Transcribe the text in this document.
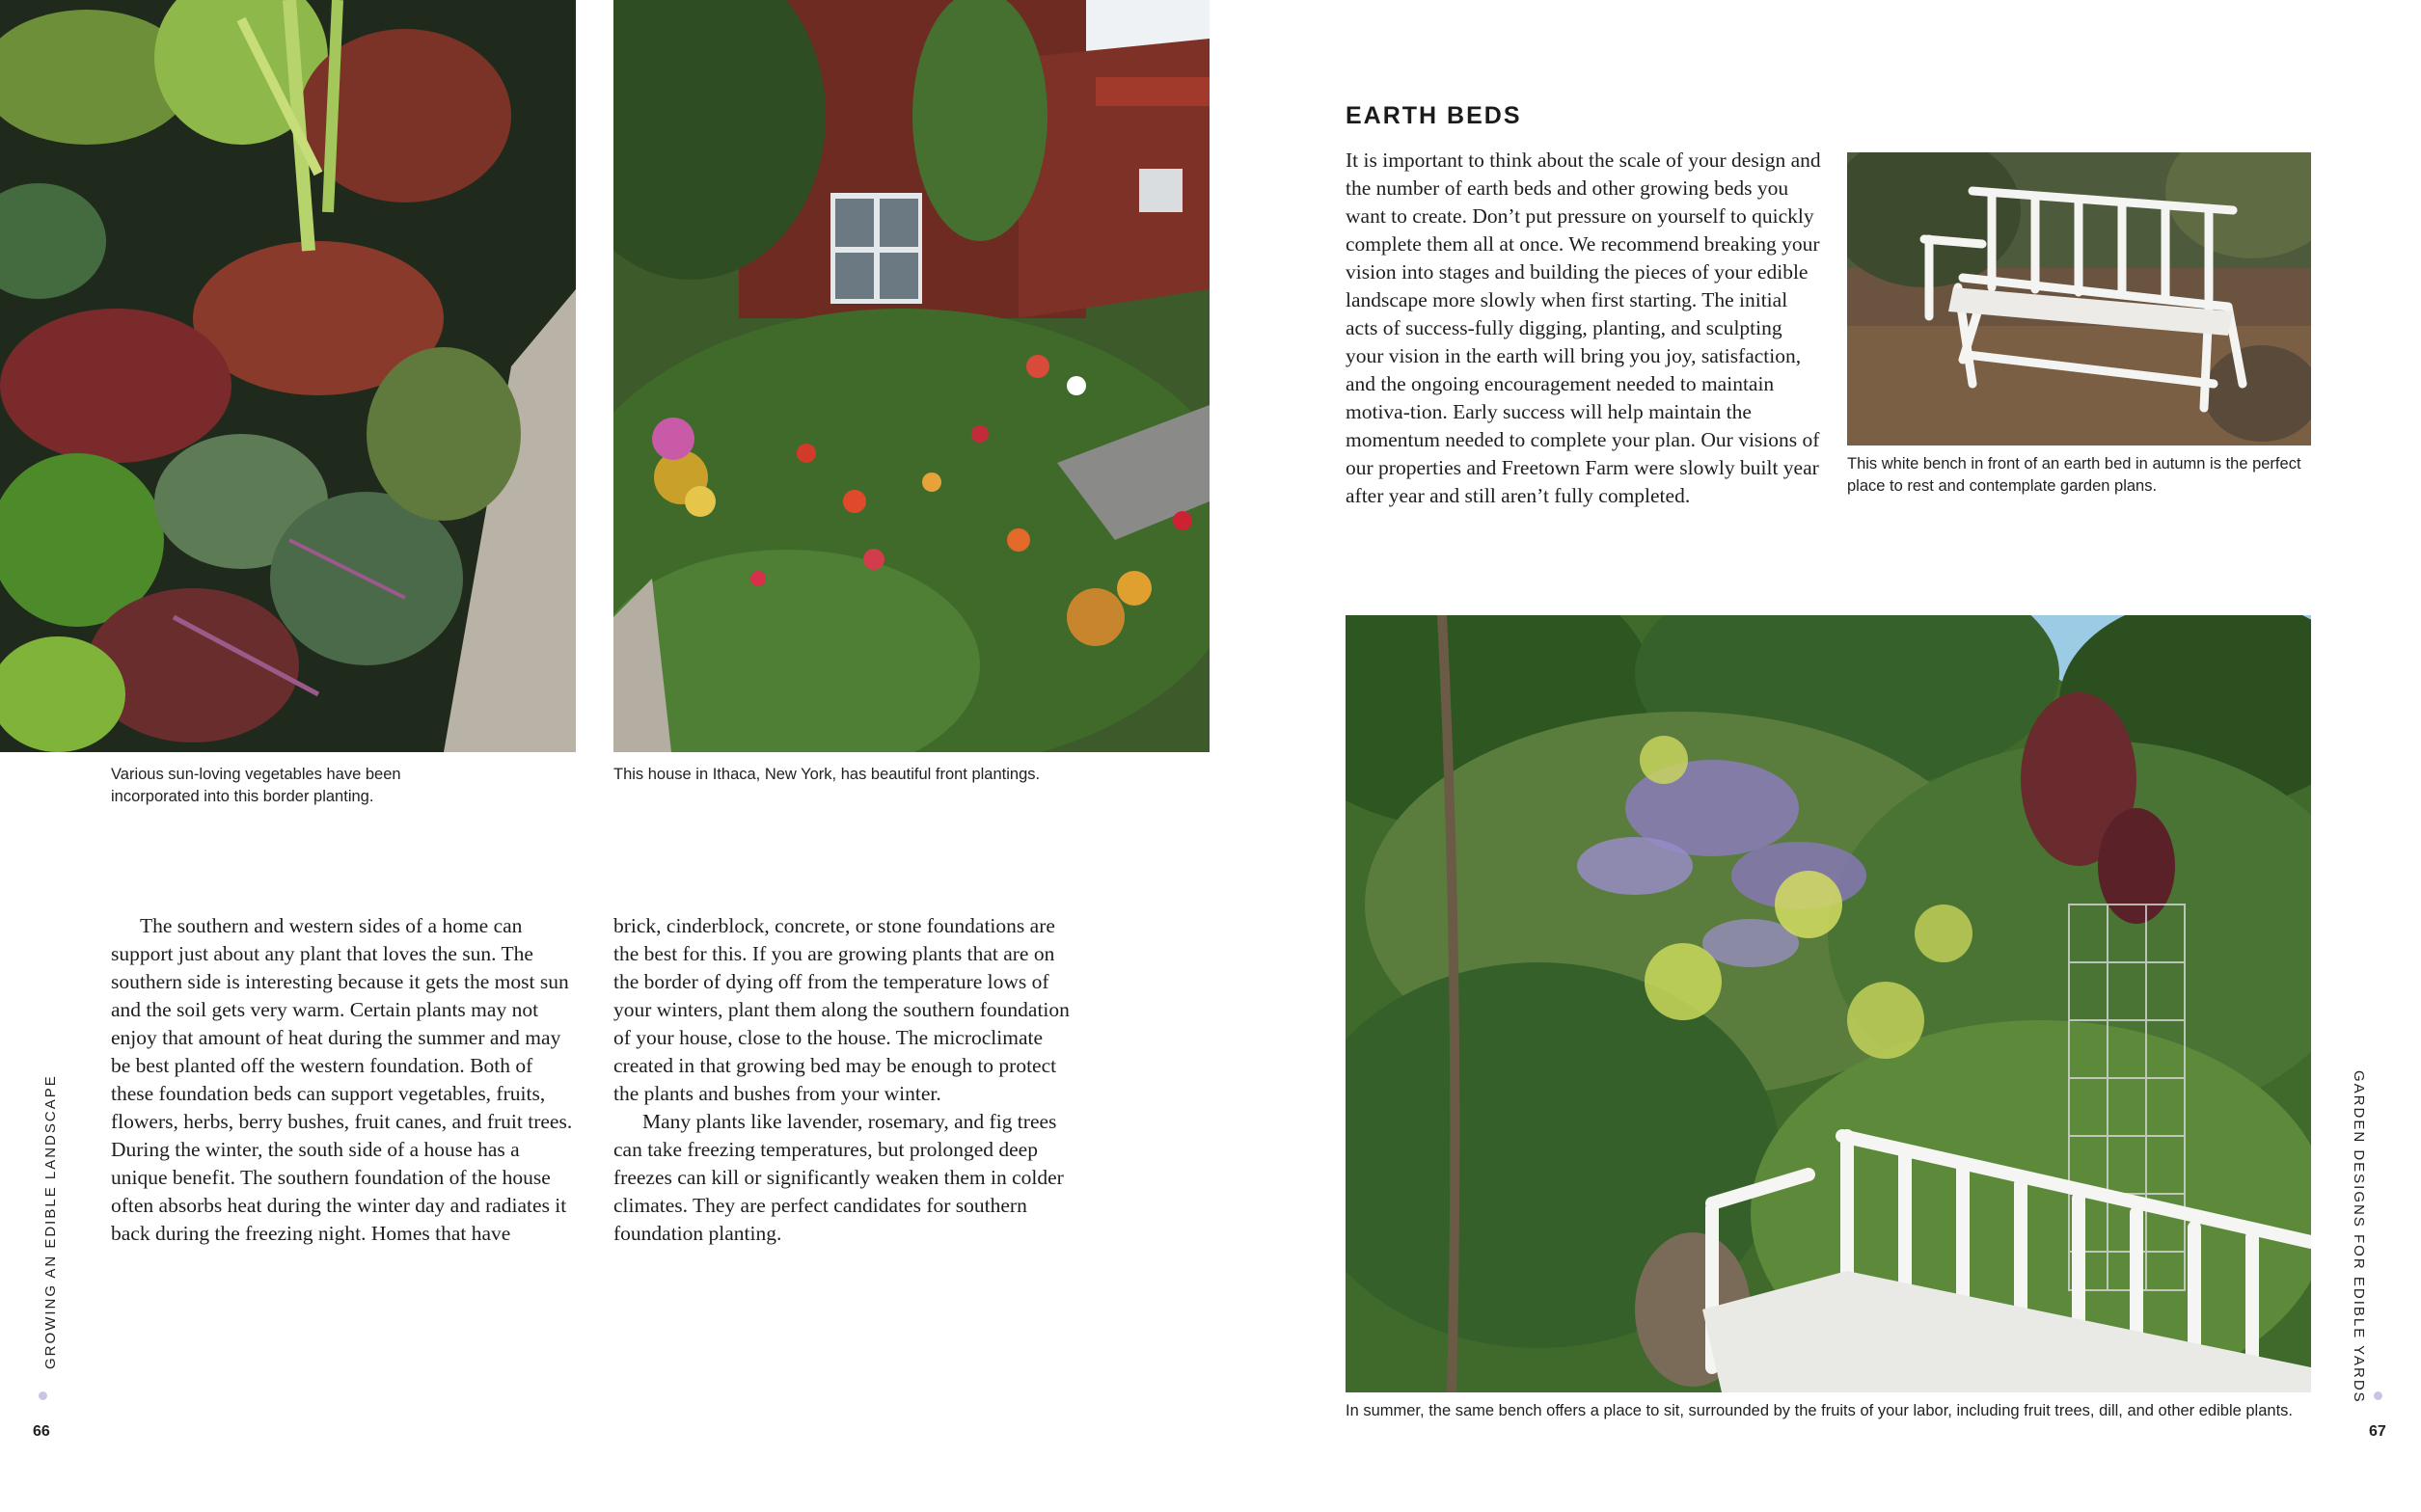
Various sun-loving vegetables have been incorporated into this border planting.
This house in Ithaca, New York, has beautiful front plantings.

The southern and western sides of a home can support just about any plant that loves the sun. The southern side is interesting because it gets the most sun and the soil gets very warm. Certain plants may not enjoy that amount of heat during the summer and may be best planted off the western foundation. Both of these foundation beds can support vegetables, fruits, flowers, herbs, berry bushes, fruit canes, and fruit trees. During the winter, the south side of a house has a unique benefit. The southern foundation of the house often absorbs heat during the winter day and radiates it back during the freezing night. Homes that have

brick, cinderblock, concrete, or stone foundations are the best for this. If you are growing plants that are on the border of dying off from the temperature lows of your winters, plant them along the southern foundation of your house, close to the house. The microclimate created in that growing bed may be enough to protect the plants and bushes from your winter.

Many plants like lavender, rosemary, and fig trees can take freezing temperatures, but prolonged deep freezes can kill or significantly weaken them in colder climates. They are perfect candidates for southern foundation planting.

GROWING AN EDIBLE LANDSCAPE
66
EARTH BEDS

It is important to think about the scale of your design and the number of earth beds and other growing beds you want to create. Don’t put pressure on yourself to quickly complete them all at once. We recommend breaking your vision into stages and building the pieces of your edible landscape more slowly when first starting. The initial acts of success-fully digging, planting, and sculpting your vision in the earth will bring you joy, satisfaction, and the ongoing encouragement needed to maintain motiva-tion. Early success will help maintain the momentum needed to complete your plan. Our visions of our properties and Freetown Farm were slowly built year after year and still aren’t fully completed.

This white bench in front of an earth bed in autumn is the perfect place to rest and contemplate garden plans.
In summer, the same bench offers a place to sit, surrounded by the fruits of your labor, including fruit trees, dill, and other edible plants.
GARDEN DESIGNS FOR EDIBLE YARDS
67
